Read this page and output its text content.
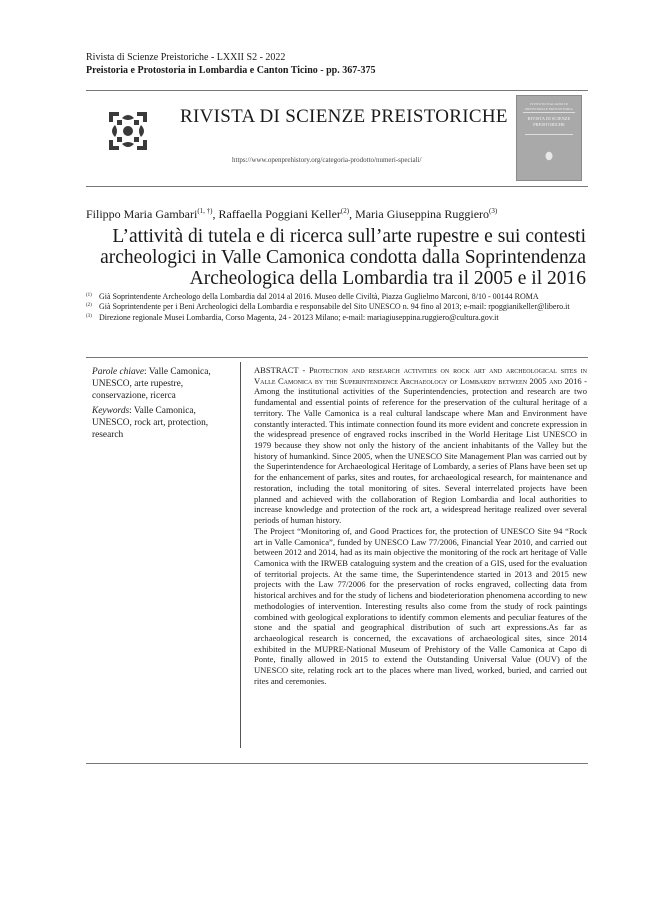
Rivista di Scienze Preistoriche - LXXII S2 - 2022
Preistoria e Protostoria in Lombardia e Canton Ticino - pp. 367-375
RIVISTA DI SCIENZE PREISTORICHE
https://www.openprehistory.org/categoria-prodotto/numeri-speciali/
ISTITUTO ITALIANO DI PREISTORIA E PROTOSTORIA
RIVISTA DI SCIENZE PREISTORICHE
Filippo Maria Gambari$^{(1, \dagger)}$, Raffaella Poggiani Keller$^{(2)}$, Maria Giuseppina Ruggiero$^{(3)}$
L’attività di tutela e di ricerca sull’arte rupestre e sui contesti
archeologici in Valle Camonica condotta dalla Soprintendenza
Archeologica della Lombardia tra il 2005 e il 2016
(1) Già Soprintendente Archeologo della Lombardia dal 2014 al 2016. Museo delle Civiltà, Piazza Guglielmo Marconi, 8/10 - 00144 ROMA
(2) Già Soprintendente per i Beni Archeologici della Lombardia e responsabile del Sito UNESCO n. 94 fino al 2013; e-mail: rpoggianikeller@libero.it
(3) Direzione regionale Musei Lombardia, Corso Magenta, 24 - 20123 Milano; e-mail: mariagiuseppina.ruggiero@cultura.gov.it
Parole chiave: Valle Camonica, UNESCO, arte rupestre, conservazione, ricerca
Keywords: Valle Camonica, UNESCO, rock art, protection, research

ABSTRACT - Protection and research activities on rock art and archeological sites in Valle Camonica by the Superintendence Archaeology of Lombardy between 2005 and 2016 - Among the institutional activities of the Superintendencies, protection and research are two fundamental and essential points of reference for the preservation of the cultural heritage of a territory. The Valle Camonica is a real cultural landscape where Man and Environment have constantly interacted. This intimate connection found its more evident and concrete expression in the widespread presence of engraved rocks inscribed in the World Heritage List UNESCO in 1979 because they show not only the history of the ancient inhabitants of the Valley but the history of humankind. Since 2005, when the UNESCO Site Management Plan was carried out by the Superintendence for Archaeological Heritage of Lombardy, a series of Plans have been set up for the enhancement of parks, sites and routes, for archaeological research, for maintenance and restoration, including the total monitoring of sites. Several interrelated projects have been planned and achieved with the collaboration of Region Lombardia and local authorities to increase knowledge and protection of the rock art, a widespread heritage realized over several periods of human history.

The Project “Monitoring of, and Good Practices for, the protection of UNESCO Site 94 “Rock art in Valle Camonica”, funded by UNESCO Law 77/2006, Financial Year 2010, and carried out between 2012 and 2014, had as its main objective the monitoring of the rock art heritage of Valle Camonica with the IRWEB cataloguing system and the creation of a GIS, used for the evaluation of territorial projects. At the same time, the Superintendence started in 2013 and 2015 new projects with the Law 77/2006 for the preservation of rocks engraved, collecting data from historical archives and for the study of lichens and biodeterioration phenomena according to new methodologies of intervention. Interesting results also come from the study of rock paintings combined with geological explorations to identify common elements and peculiar features of the stone and the spatial and geographical distribution of such art expressions.As far as archaeological research is concerned, the excavations of archaeological sites, since 2014 exhibited in the MUPRE-National Museum of Prehistory of the Valle Camonica at Capo di Ponte, finally allowed in 2015 to extend the Outstanding Universal Value (OUV) of the UNESCO site, relating rock art to the places where man lived, worked, buried, and carried out rites and ceremonies.
